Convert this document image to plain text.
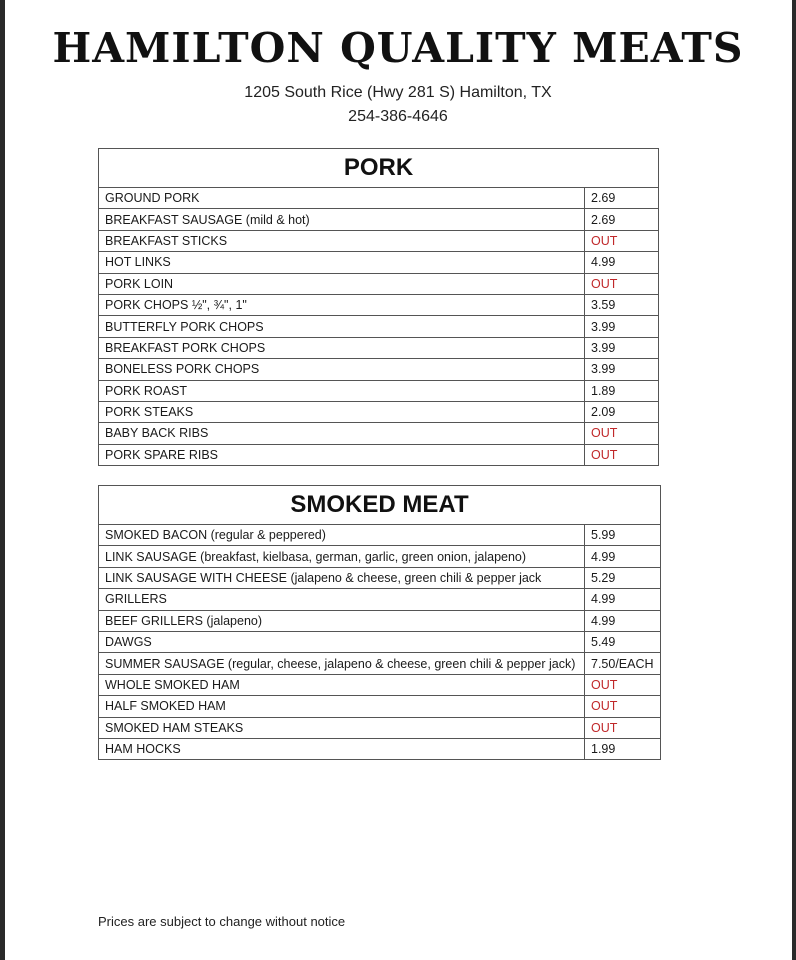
HAMILTON QUALITY MEATS
1205 South Rice (Hwy 281 S) Hamilton, TX
254-386-4646
PORK	
GROUND PORK	2.69
BREAKFAST SAUSAGE (mild & hot)	2.69
BREAKFAST STICKS	OUT
HOT LINKS	4.99
PORK LOIN	OUT
PORK CHOPS ½", ¾", 1"	3.59
BUTTERFLY PORK CHOPS	3.99
BREAKFAST PORK CHOPS	3.99
BONELESS PORK CHOPS	3.99
PORK ROAST	1.89
PORK STEAKS	2.09
BABY BACK RIBS	OUT
PORK SPARE RIBS	OUT
SMOKED MEAT	
SMOKED BACON (regular & peppered)	5.99
LINK SAUSAGE (breakfast, kielbasa, german, garlic, green onion, jalapeno)	4.99
LINK SAUSAGE WITH CHEESE (jalapeno & cheese, green chili & pepper jack	5.29
GRILLERS	4.99
BEEF GRILLERS (jalapeno)	4.99
DAWGS	5.49
SUMMER SAUSAGE (regular, cheese, jalapeno & cheese, green chili & pepper jack)	7.50/EACH
WHOLE SMOKED HAM	OUT
HALF SMOKED HAM	OUT
SMOKED HAM STEAKS	OUT
HAM HOCKS	1.99
Prices are subject to change without notice
